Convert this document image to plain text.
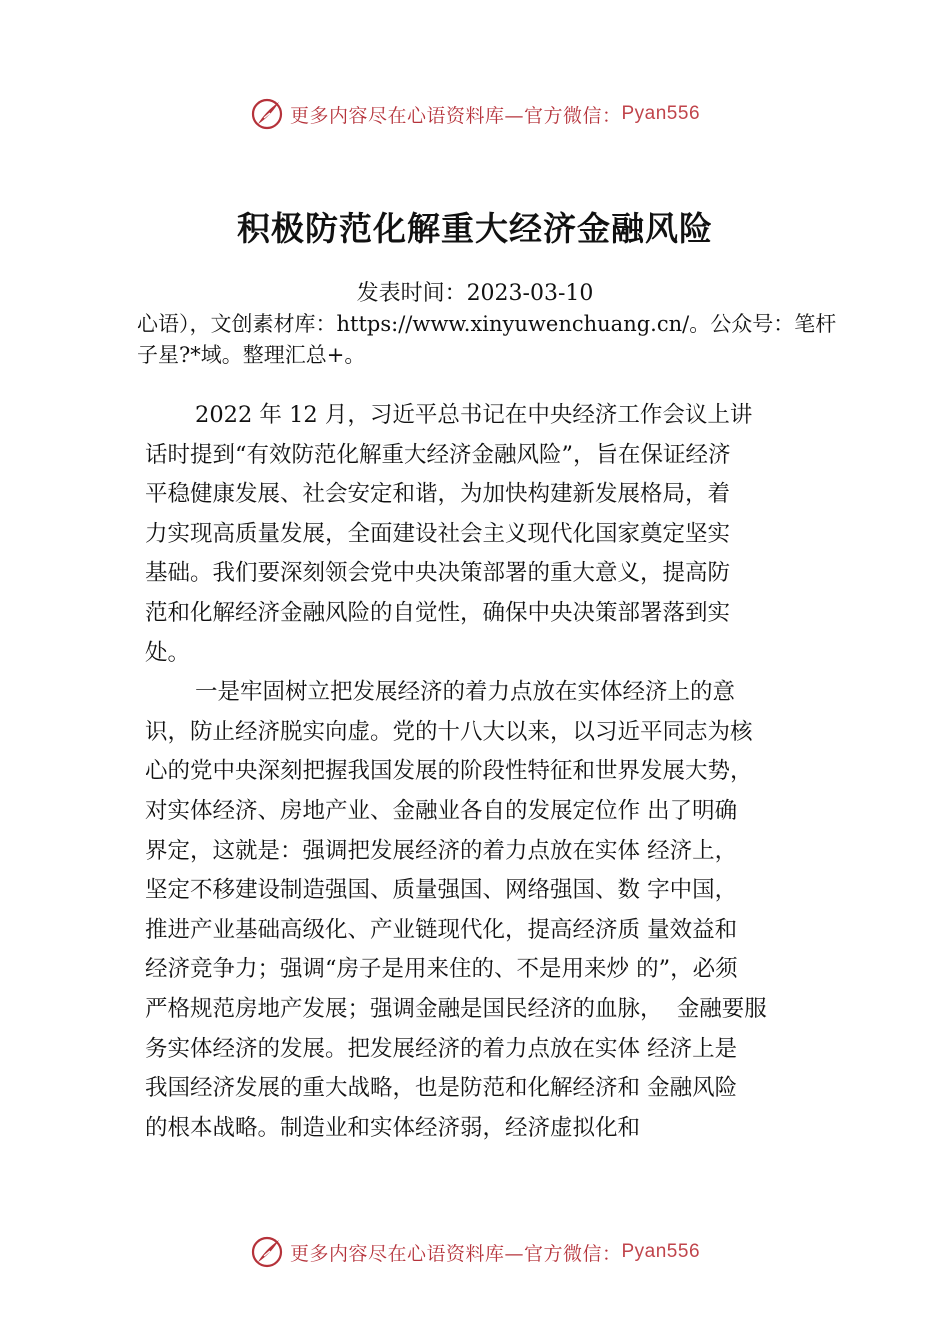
更多内容尽在心语资料库—官方微信： Pyan556
积极防范化解重大经济金融风险
发表时间：2023-03-10
心语），文创素材库：https://www.xinyuwenchuang.cn/。公众号：笔杆子星?*域。整理汇总+。
2022 年 12 月，习近平总书记在中央经济工作会议上讲
话时提到“有效防范化解重大经济金融风险”，旨在保证经济
平稳健康发展、社会安定和谐，为加快构建新发展格局，着
力实现高质量发展，全面建设社会主义现代化国家奠定坚实
基础。我们要深刻领会党中央决策部署的重大意义，提高防
范和化解经济金融风险的自觉性，确保中央决策部署落到实
处。
一是牢固树立把发展经济的着力点放在实体经济上的意
识，防止经济脱实向虚。党的十八大以来，以习近平同志为核
心的党中央深刻把握我国发展的阶段性特征和世界发展大势，
对实体经济、房地产业、金融业各自的发展定位作 出了明确
界定，这就是：强调把发展经济的着力点放在实体 经济上，
坚定不移建设制造强国、质量强国、网络强国、数 字中国，
推进产业基础高级化、产业链现代化，提高经济质 量效益和
经济竞争力；强调“房子是用来住的、不是用来炒 的”，必须
严格规范房地产发展；强调金融是国民经济的血脉，  金融要服
务实体经济的发展。把发展经济的着力点放在实体 经济上是
我国经济发展的重大战略，也是防范和化解经济和 金融风险
的根本战略。制造业和实体经济弱，经济虚拟化和
更多内容尽在心语资料库—官方微信： Pyan556
